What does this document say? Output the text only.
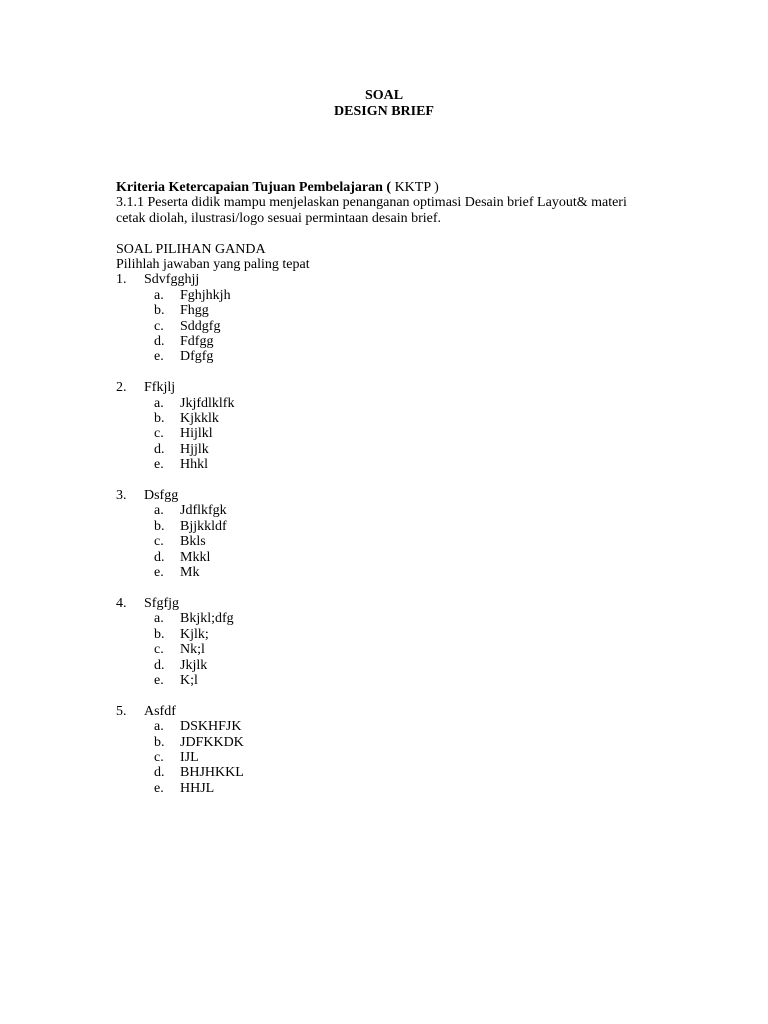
SOAL
DESIGN BRIEF
Kriteria Ketercapaian Tujuan Pembelajaran ( KKTP )

3.1.1 Peserta didik mampu menjelaskan penanganan optimasi Desain brief Layout& materi cetak diolah, ilustrasi/logo sesuai permintaan desain brief.

SOAL PILIHAN GANDA
Pilihlah jawaban yang paling tepat
1.	Sdvfgghjj
a.	Fghjhkjh
b.	Fhgg
c.	Sddgfg
d.	Fdfgg
e.	Dfgfg
2.	Ffkjlj
a.	Jkjfdlklfk
b.	Kjkklk
c.	Hijlkl
d.	Hjjlk
e.	Hhkl
3.	Dsfgg
a.	Jdflkfgk
b.	Bjjkkldf
c.	Bkls
d.	Mkkl
e.	Mk
4.	Sfgfjg
a.	Bkjkl;dfg
b.	Kjlk;
c.	Nk;l
d.	Jkjlk
e.	K;l
5.	Asfdf
a.	DSKHFJK
b.	JDFKKDK
c.	IJL
d.	BHJHKKL
e.	HHJL
